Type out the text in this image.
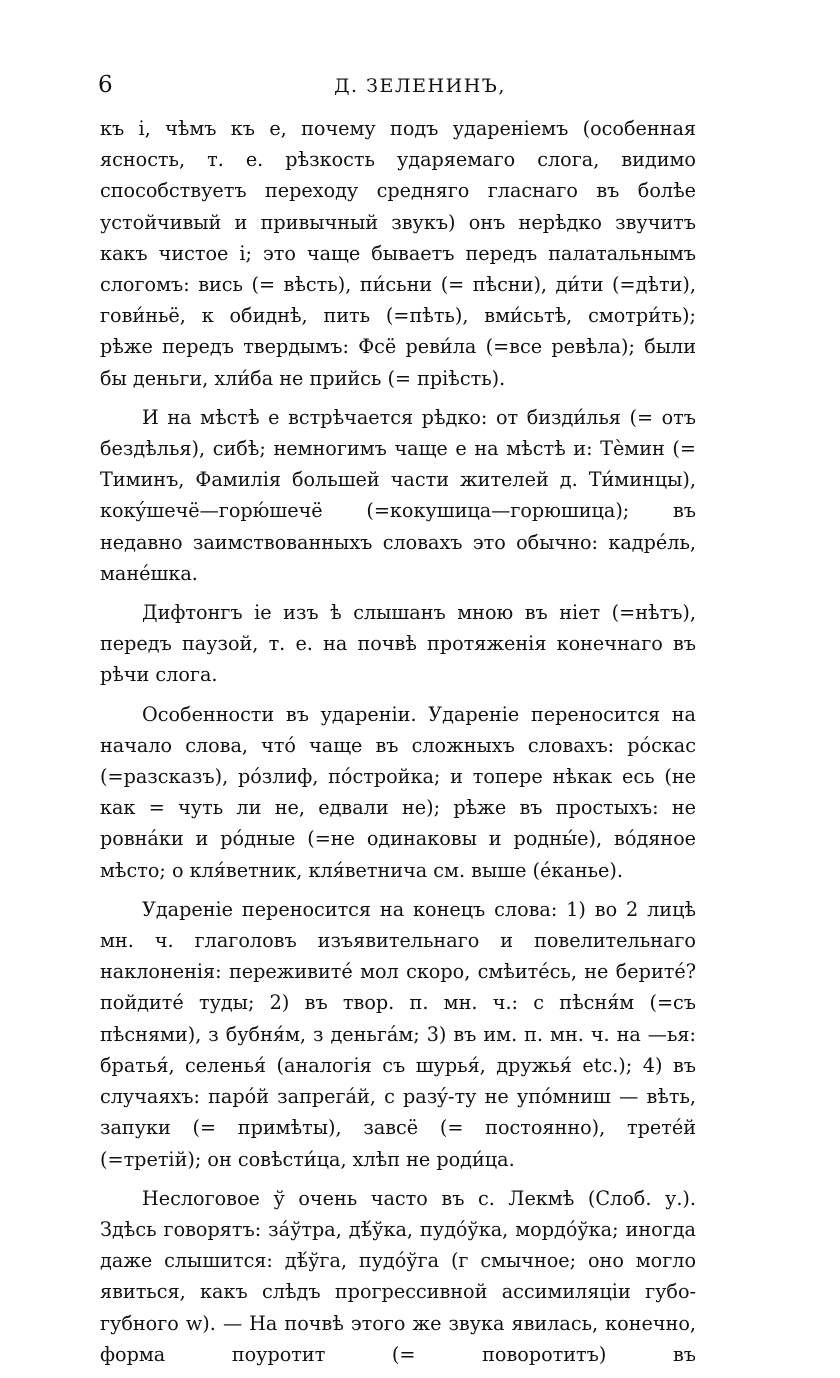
6	Д. ЗЕЛЕНИНЪ,

къ і, чѣмъ къ е, почему подъ удареніемъ (особенная ясность, т. е. рѣзкость ударяемаго слога, видимо способствуетъ переходу средняго гласнаго въ болѣе устойчивый и привычный звукъ) онъ нерѣдко звучитъ какъ чистое і; это чаще бываетъ передъ палатальнымъ слогомъ: вись (= вѣсть), пи́сьни (= пѣсни), ди́ти (=дѣти), гови́ньё, к обиднѣ, пить (=пѣть), вми́сьтѣ, смотри́ть); рѣже передъ твердымъ: Фсё реви́ла (=все ревѣла); были бы деньги, хли́ба не прийсь (= пріѣсть).

И на мѣстѣ е встрѣчается рѣдко: от бизди́лья (= отъ бездѣлья), сибѣ; немногимъ чаще е на мѣстѣ и: Тѐмин (= Тиминъ, Фамилія большей части жителей д. Ти́минцы), кокýшечё—горю́шечё (=кокушица—горюшица); въ недавно заимствованныхъ словахъ это обычно: кадрéль, манéшка.

Дифтонгъ іе изъ ѣ слышанъ мною въ ніет (=нѣтъ), передъ паузой, т. е. на почвѣ протяженія конечнаго въ рѣчи слога.

Особенности въ удареніи. Удареніе переносится на начало слова, чтó чаще въ сложныхъ словахъ: рóскас (=разсказъ), рóзлиф, пóстройка; и топере нѣкак есь (не как = чуть ли не, едвали не); рѣже въ простыхъ: не ровнáки и рóдные (=не одинаковы и родны́е), вóдяное мѣсто; о кля́ветник, кля́ветнича см. выше (éканье).

Удареніе переносится на конецъ слова: 1) во 2 лицѣ мн. ч. глаголовъ изъявительнаго и повелительнаго наклоненія: переживитé мол скоро, смѣитéсь, не беритé? пойдитé туды; 2) въ твор. п. мн. ч.: с пѣсня́м (=съ пѣснями), з бубня́м, з деньгáм; 3) въ им. п. мн. ч. на —ья: братья́, селенья́ (аналогія съ шурья́, дружья́ etc.); 4) въ случаяхъ: парóй запрегáй, с разý-ту не упóмниш — вѣть, запуки (= примѣты), завсё (= постоянно), третéй (=третій); он совѣсти́ца, хлѣп не роди́ца.

Неслоговое ў очень часто въ с. Лекмѣ (Слоб. у.). Здѣсь говорятъ: зáўтра, дѣ́ўка, пудóўка, мордóўка; иногда даже слышится: дѣ́ўга, пудóўга (г смычное; оно могло явиться, какъ слѣдъ прогрессивной ассимиляціи губо-губного w). — На почвѣ этого же звука явилась, конечно, форма поуротит (= поворотитъ) въ
